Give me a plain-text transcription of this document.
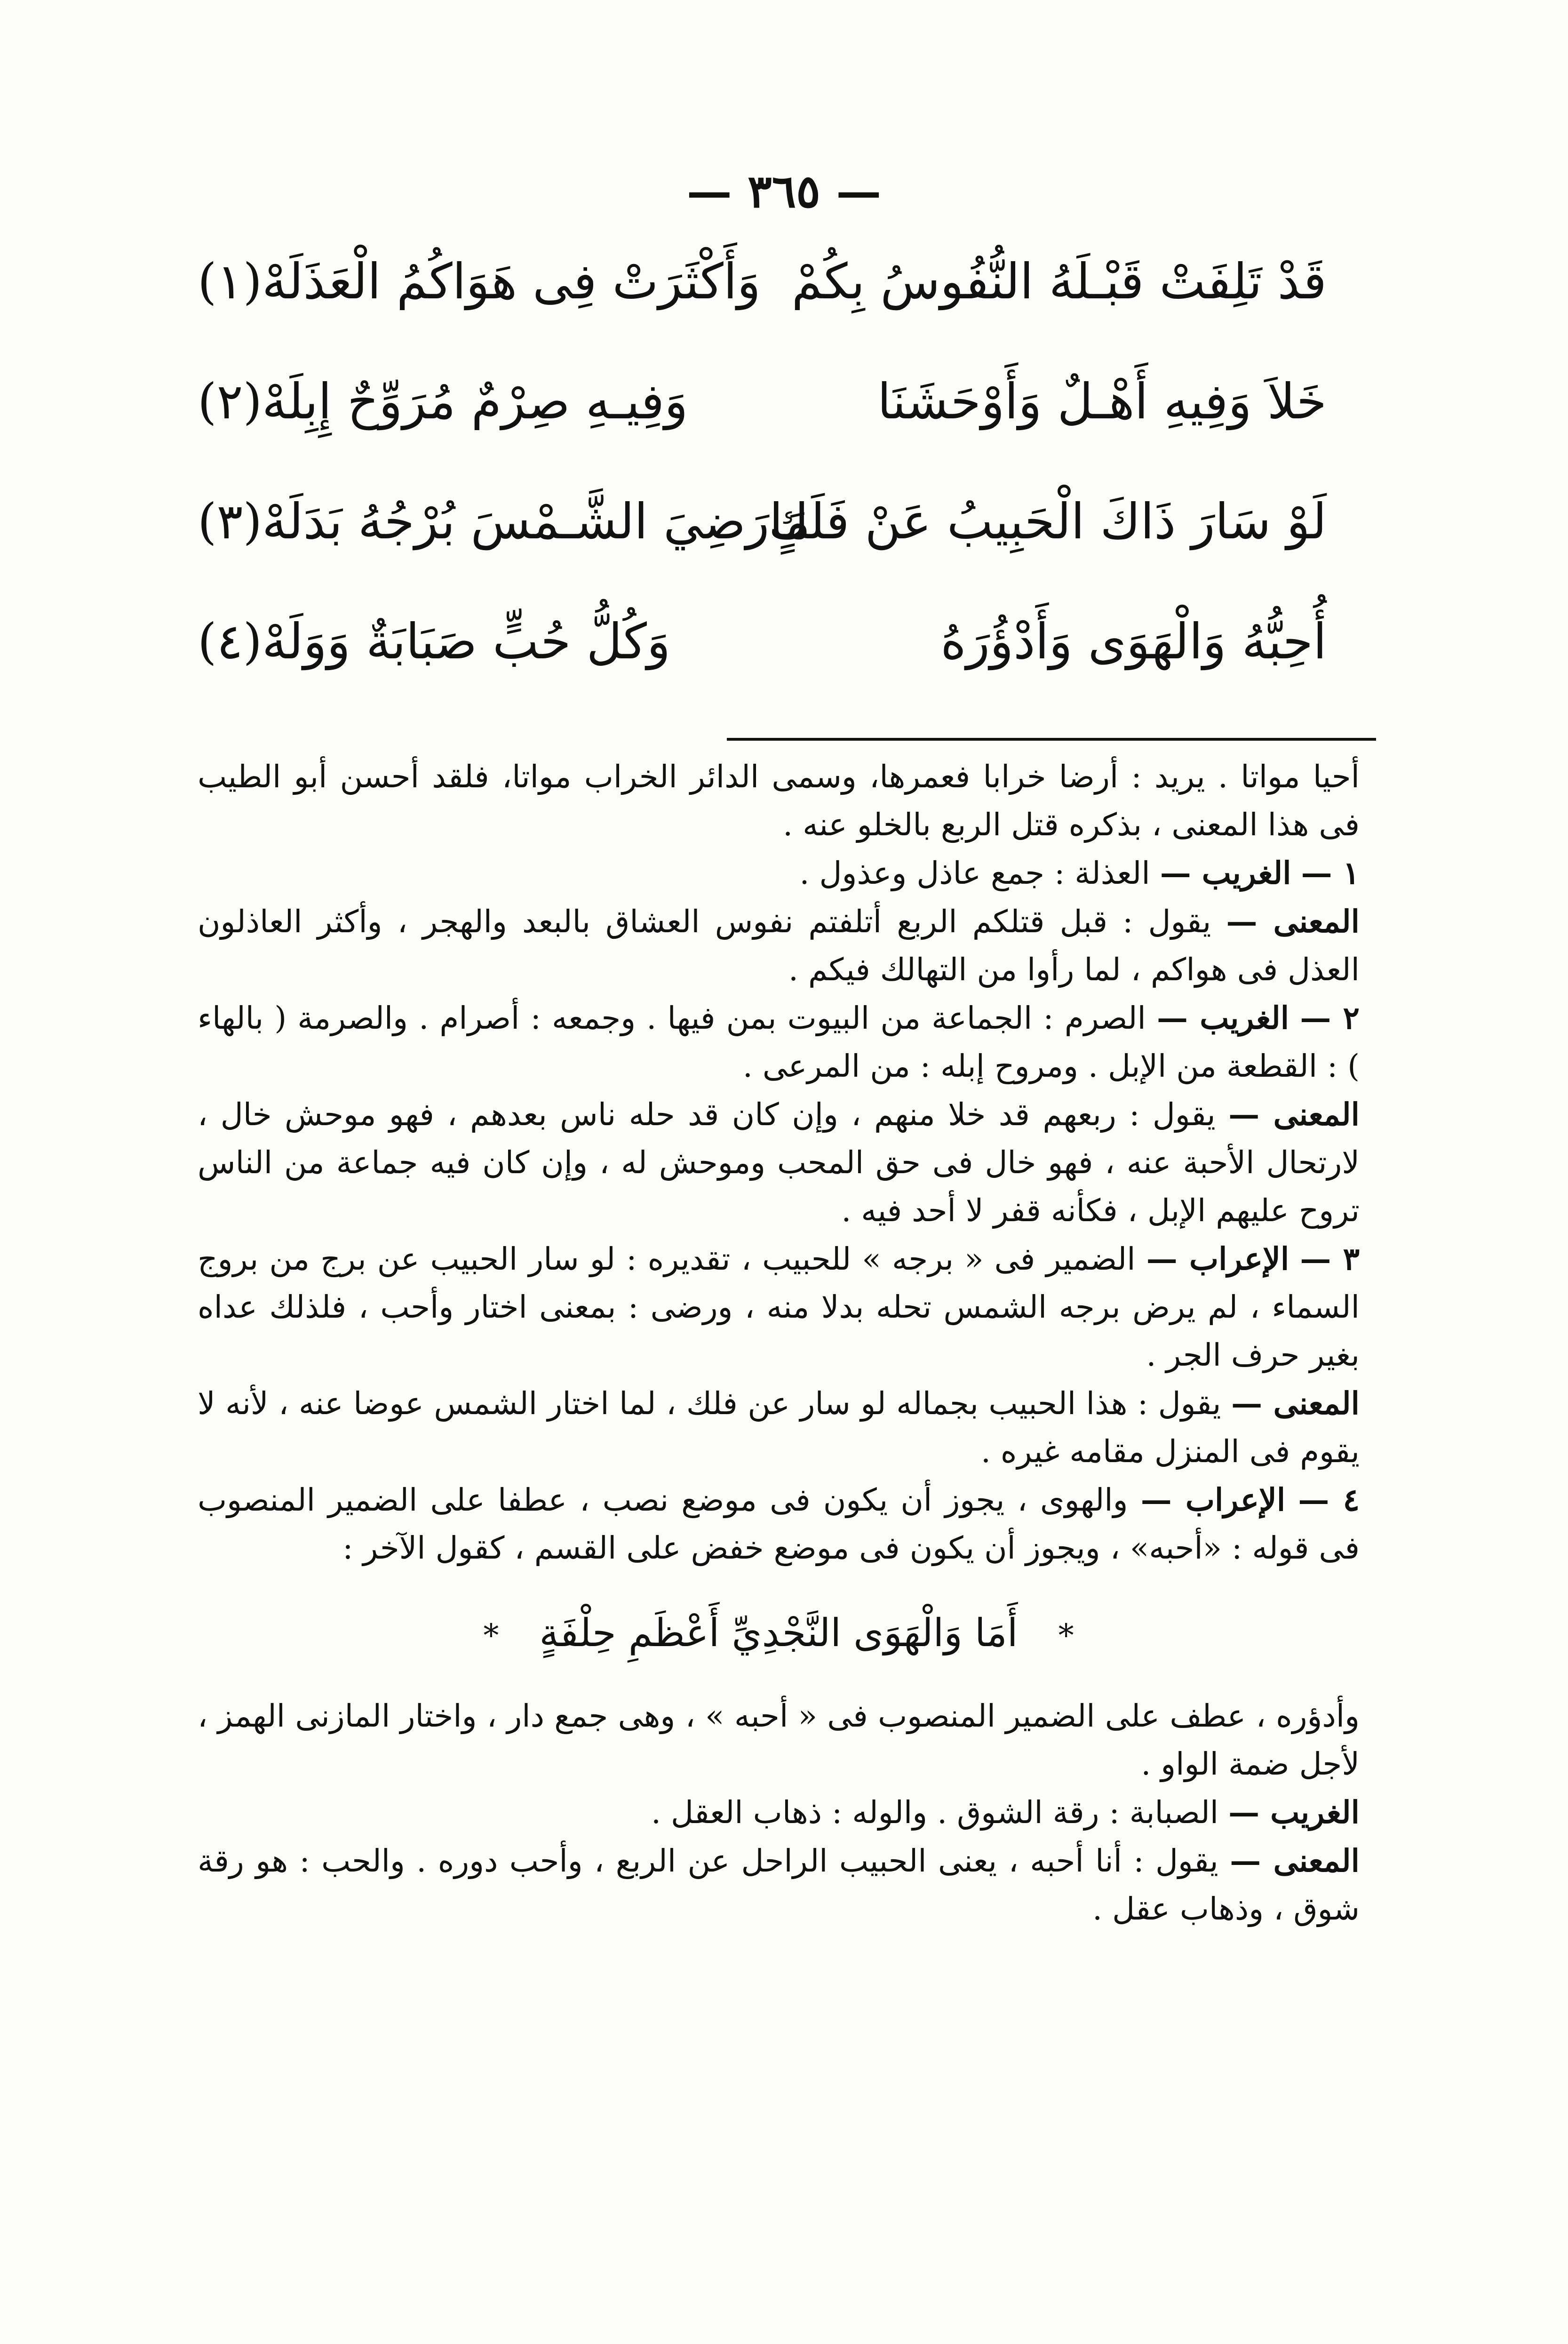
— ٣٦٥ —
قَدْ تَلِفَتْ قَبْـلَهُ النُّفُوسُ بِكُمْ
وَأَكْثَرَتْ فِى هَوَاكُمُ الْعَذَلَهْ(١)
خَلاَ وَفِيهِ أَهْـلٌ وَأَوْحَشَنَا
وَفِيـهِ صِرْمٌ مُرَوِّحٌ إِبِلَهْ(٢)
لَوْ سَارَ ذَاكَ الْحَبِيبُ عَنْ فَلَكٍ
مَارَضِيَ الشَّـمْسَ بُرْجُهُ بَدَلَهْ(٣)
أُحِبُّهُ وَالْهَوَى وَأَدْؤُرَهُ
وَكُلُّ حُبٍّ صَبَابَةٌ وَوَلَهْ(٤)

أحيا مواتا . يريد : أرضا خرابا فعمرها، وسمى الدائر الخراب مواتا، فلقد أحسن أبو الطيب فى هذا المعنى ، بذكره قتل الربع بالخلو عنه .

١ — الغريب — العذلة : جمع عاذل وعذول .

المعنى — يقول : قبل قتلكم الربع أتلفتم نفوس العشاق بالبعد والهجر ، وأكثر العاذلون العذل فى هواكم ، لما رأوا من التهالك فيكم .

٢ — الغريب — الصرم : الجماعة من البيوت بمن فيها . وجمعه : أصرام . والصرمة ( بالهاء ) : القطعة من الإبل . ومروح إبله : من المرعى .

المعنى — يقول : ربعهم قد خلا منهم ، وإن كان قد حله ناس بعدهم ، فهو موحش خال ، لارتحال الأحبة عنه ، فهو خال فى حق المحب وموحش له ، وإن كان فيه جماعة من الناس تروح عليهم الإبل ، فكأنه قفر لا أحد فيه .

٣ — الإعراب — الضمير فى « برجه » للحبيب ، تقديره : لو سار الحبيب عن برج من بروج السماء ، لم يرض برجه الشمس تحله بدلا منه ، ورضى : بمعنى اختار وأحب ، فلذلك عداه بغير حرف الجر .

المعنى — يقول : هذا الحبيب بجماله لو سار عن فلك ، لما اختار الشمس عوضا عنه ، لأنه لا يقوم فى المنزل مقامه غيره .

٤ — الإعراب — والهوى ، يجوز أن يكون فى موضع نصب ، عطفا على الضمير المنصوب فى قوله : «أحبه» ، ويجوز أن يكون فى موضع خفض على القسم ، كقول الآخر :

* أَمَا وَالْهَوَى النَّجْدِيِّ أَعْظَمِ حِلْفَةٍ *

وأدؤره ، عطف على الضمير المنصوب فى « أحبه » ، وهى جمع دار ، واختار المازنى الهمز ، لأجل ضمة الواو .

الغريب — الصبابة : رقة الشوق . والوله : ذهاب العقل .

المعنى — يقول : أنا أحبه ، يعنى الحبيب الراحل عن الربع ، وأحب دوره . والحب : هو رقة شوق ، وذهاب عقل .
